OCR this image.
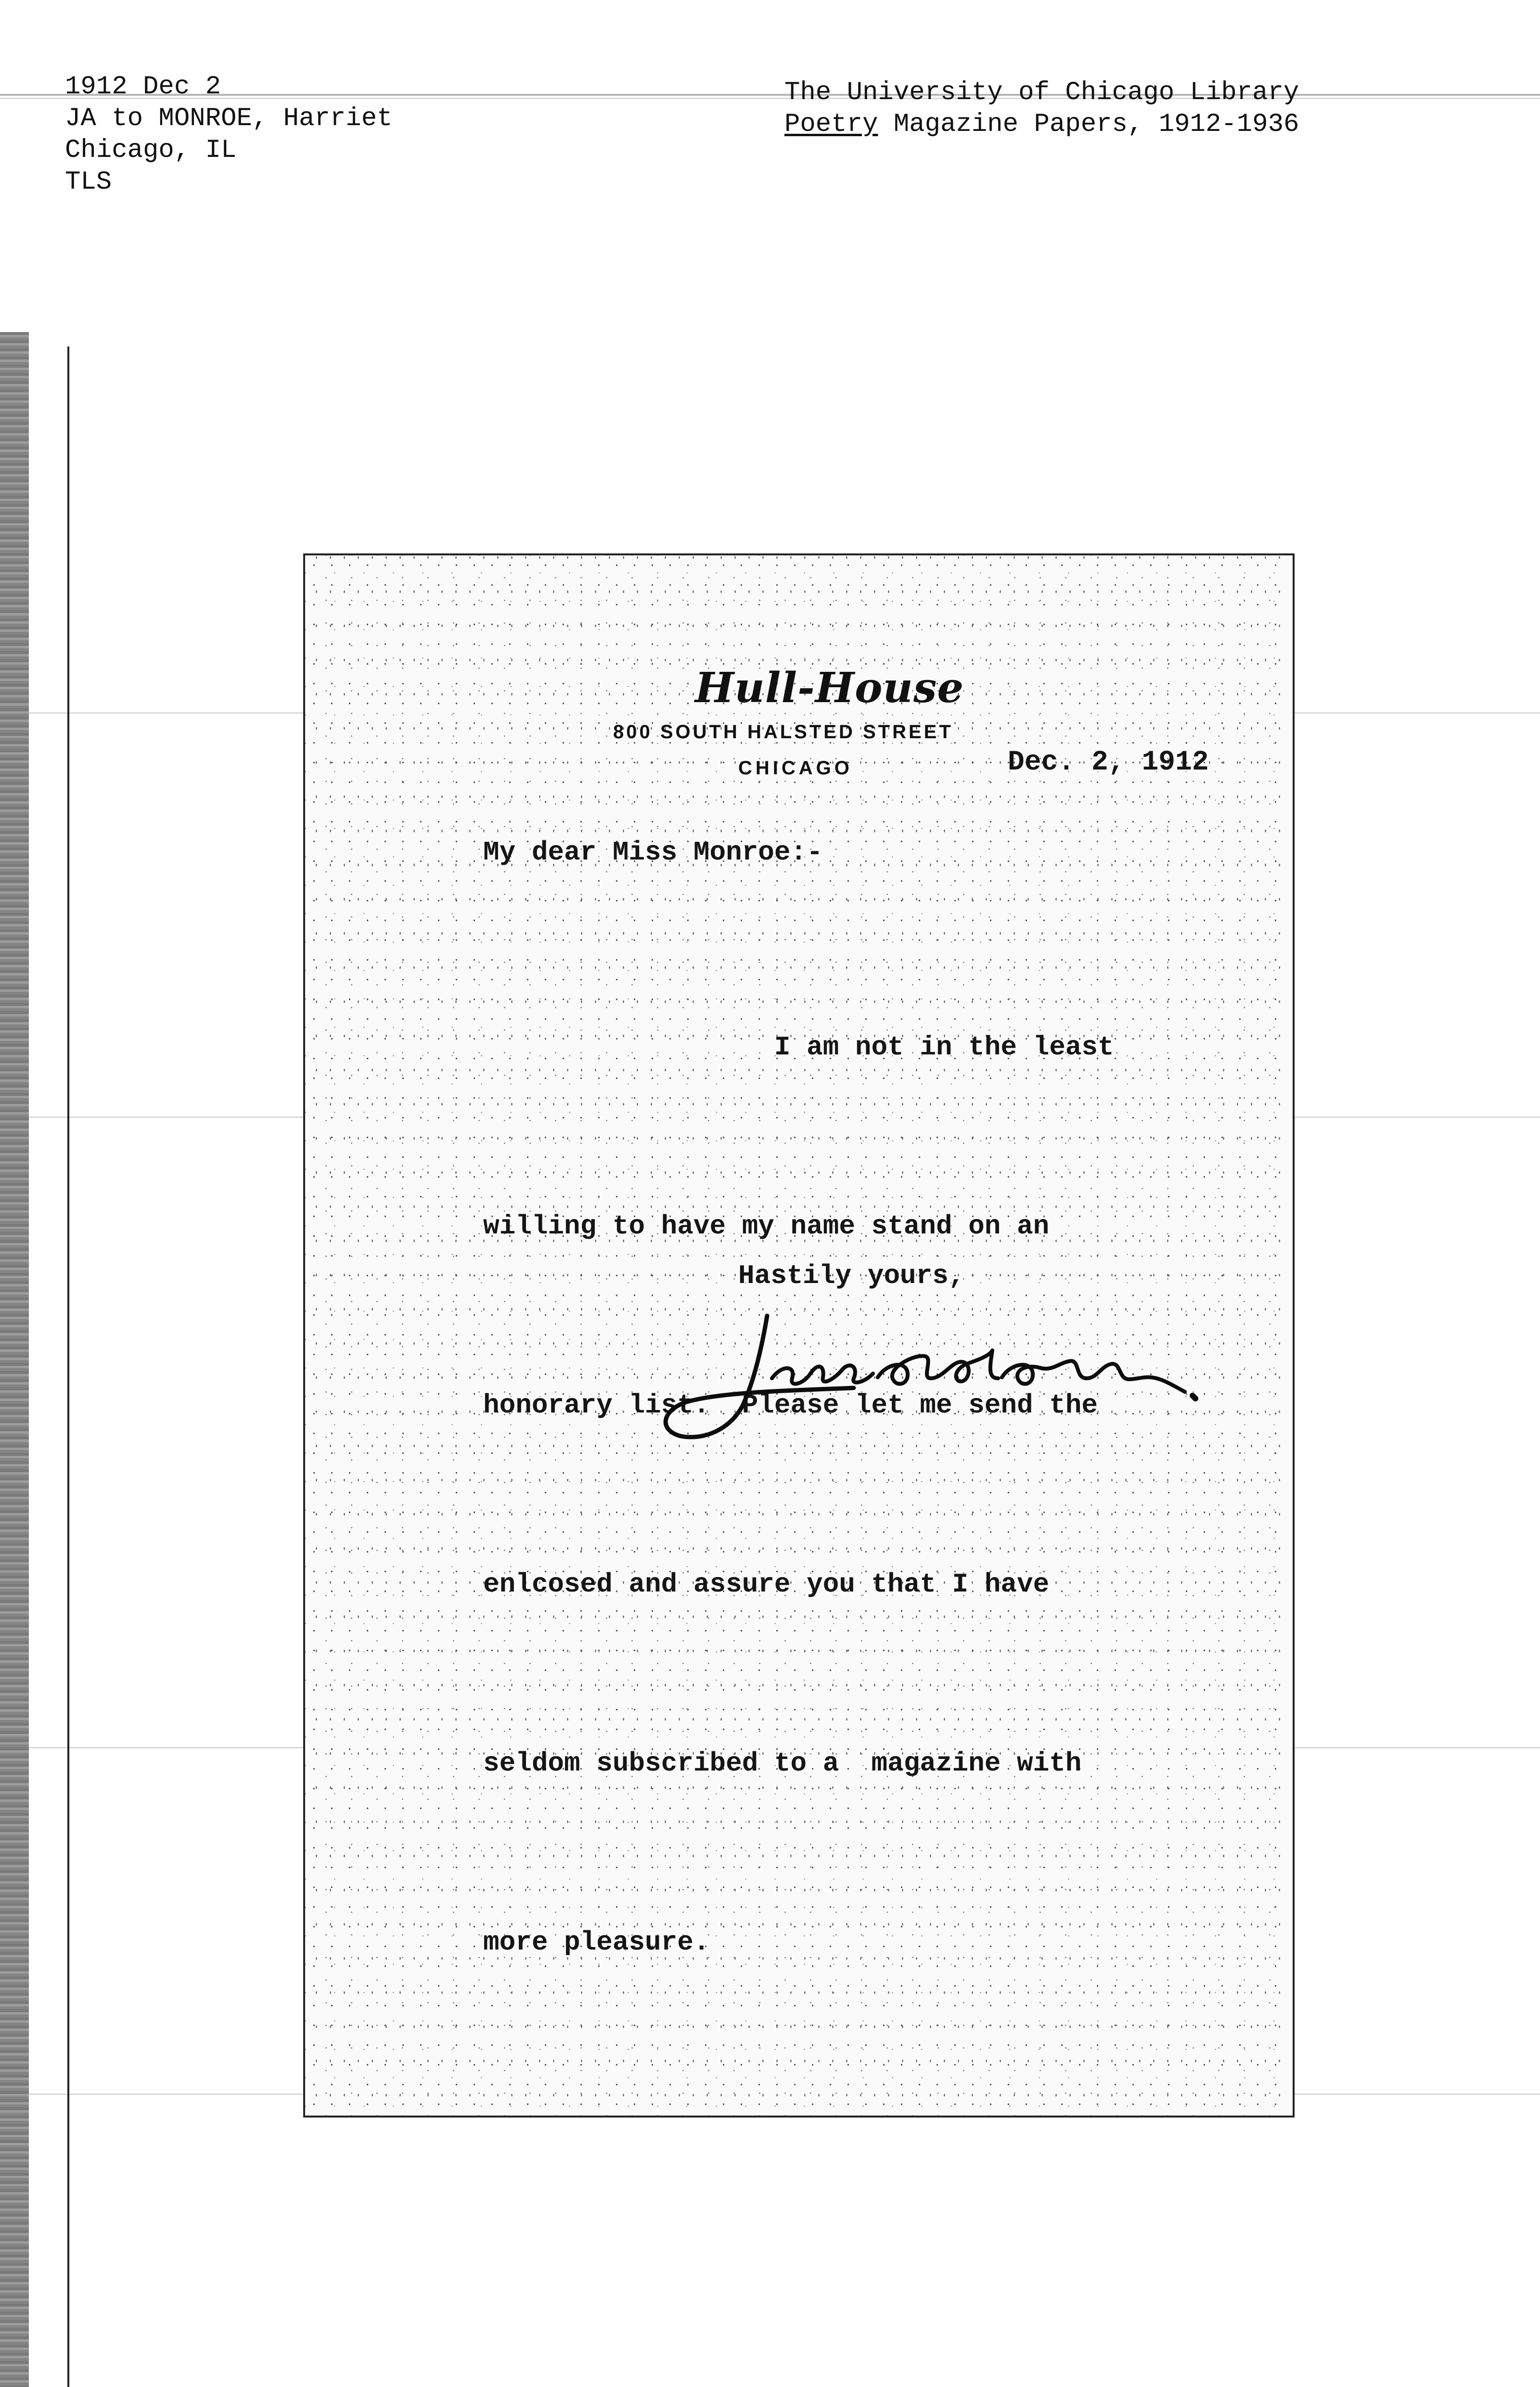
1912 Dec 2
JA to MONROE, Harriet
Chicago, IL
TLS
The University of Chicago Library
Poetry Magazine Papers, 1912-1936
Hull-House
800 SOUTH HALSTED STREET
CHICAGO	Dec. 2, 1912
My dear Miss Monroe:-

I am not in the least

willing to have my name stand on an

honorary list.  Please let me send the

enlcosed and assure you that I have

seldom subscribed to a  magazine with

more pleasure.

Hastily yours,
